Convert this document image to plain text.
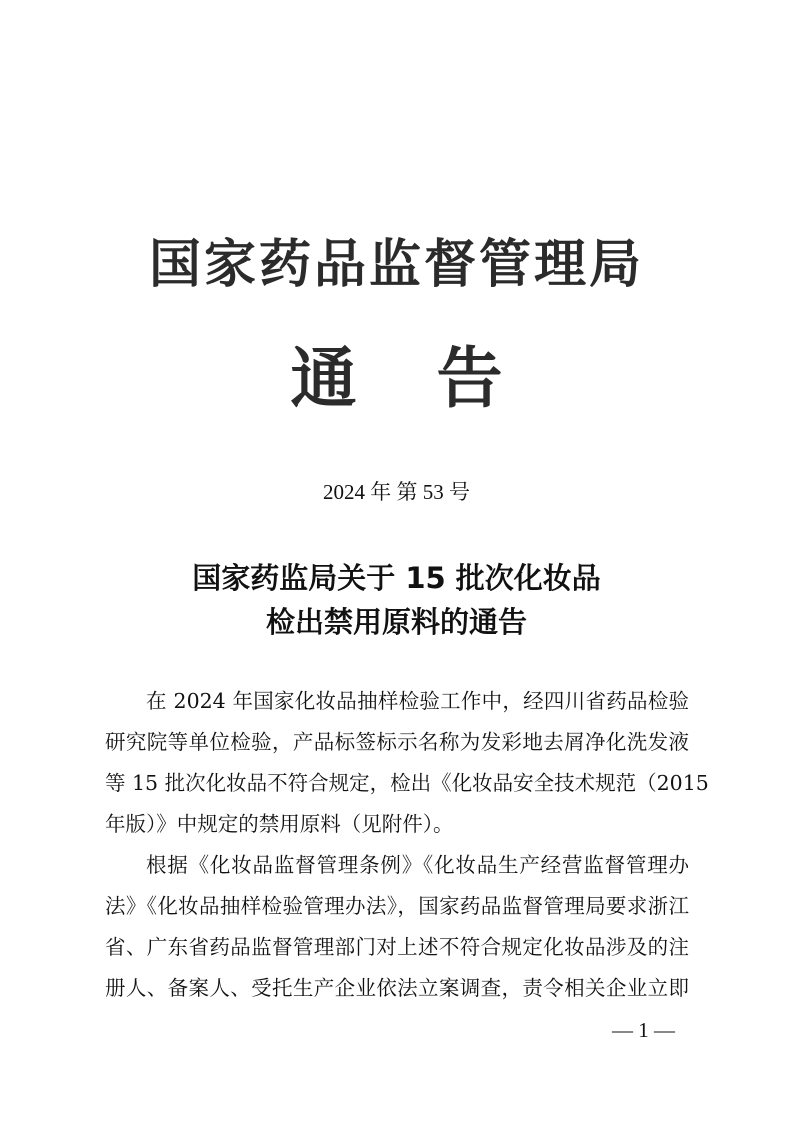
国家药品监督管理局
通告
2024 年 第 53 号
国家药监局关于 15 批次化妆品
检出禁用原料的通告
在 2024 年国家化妆品抽样检验工作中，经四川省药品检验
研究院等单位检验，产品标签标示名称为发彩地去屑净化洗发液
等 15 批次化妆品不符合规定，检出《化妆品安全技术规范（2015
年版）》中规定的禁用原料（见附件）。
根据《化妆品监督管理条例》《化妆品生产经营监督管理办
法》《化妆品抽样检验管理办法》，国家药品监督管理局要求浙江
省、广东省药品监督管理部门对上述不符合规定化妆品涉及的注
册人、备案人、受托生产企业依法立案调查，责令相关企业立即
— 1 —
